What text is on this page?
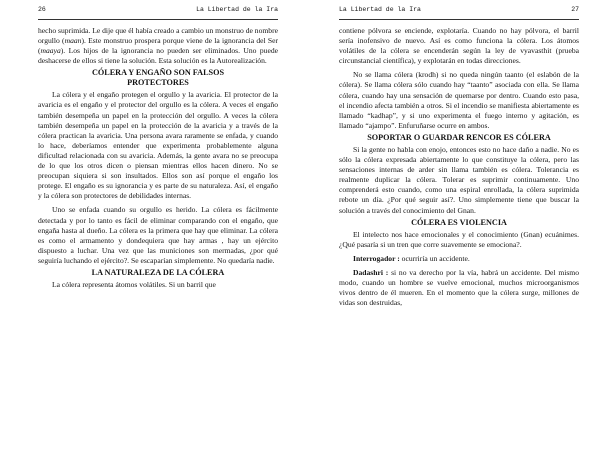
26	La Libertad de la Ira

hecho suprimida. Le dije que él había creado a cambio un monstruo de nombre orgullo (maan). Este monstruo prospera porque viene de la ignorancia del Ser (maaya). Los hijos de la ignorancia no pueden ser eliminados. Uno puede deshacerse de ellos si tiene la solución. Esta solución es la Autorealización.

CÓLERA Y ENGAÑO SON FALSOS PROTECTORES

La cólera y el engaño protegen el orgullo y la avaricia. El protector de la avaricia es el engaño y el protector del orgullo es la cólera. A veces el engaño también desempeña un papel en la protección del orgullo. A veces la cólera también desempeña un papel en la protección de la avaricia y a través de la cólera practican la avaricia. Una persona avara raramente se enfada, y cuando lo hace, deberíamos entender que experimenta probablemente alguna dificultad relacionada con su avaricia. Además, la gente avara no se preocupa de lo que los otros dicen o piensan mientras ellos hacen dinero. No se preocupan siquiera si son insultados. Ellos son así porque el engaño los protege. El engaño es su ignorancia y es parte de su naturaleza. Así, el engaño y la cólera son protectores de debilidades internas.

Uno se enfada cuando su orgullo es herido. La cólera es fácilmente detectada y por lo tanto es fácil de eliminar comparando con el engaño, que engaña hasta al dueño. La cólera es la primera que hay que eliminar. La cólera es como el armamento y dondequiera que hay armas , hay un ejército dispuesto a luchar. Una vez que las municiones son mermadas, ¿por qué seguiría luchando el ejército?. Se escaparían simplemente. No quedaría nadie.

LA NATURALEZA DE LA CÓLERA

La cólera representa átomos volátiles. Si un barril que

La Libertad de la Ira	27

contiene pólvora se enciende, explotaría. Cuando no hay pólvora, el barril sería inofensivo de nuevo. Así es como funciona la cólera. Los átomos volátiles de la cólera se encenderán según la ley de vyavasthit (prueba circunstancial científica), y explotarán en todas direcciones.

No se llama cólera (krodh) si no queda ningún taanto (el eslabón de la cólera). Se llama cólera sólo cuando hay “taanto” asociada con ella. Se llama cólera, cuando hay una sensación de quemarse por dentro. Cuando esto pasa, el incendio afecta también a otros. Si el incendio se manifiesta abiertamente es llamado “kadhap”, y si uno experimenta el fuego interno y agitación, es llamado “ajampo”. Enfuruñarse ocurre en ambos.

SOPORTAR O GUARDAR RENCOR ES CÓLERA

Si la gente no habla con enojo, entonces esto no hace daño a nadie. No es sólo la cólera expresada abiertamente lo que constituye la cólera, pero las sensaciones internas de arder sin llama también es cólera. Tolerancia es realmente duplicar la cólera. Tolerar es suprimir continuamente. Uno comprenderá esto cuando, como una espiral enrollada, la cólera suprimida rebote un día. ¿Por qué seguir así?. Uno simplemente tiene que buscar la solución a través del conocimiento del Gnan.

CÓLERA ES VIOLENCIA

El intelecto nos hace emocionales y el conocimiento (Gnan) ecuánimes. ¿Qué pasaría si un tren que corre suavemente se emociona?.

Interrogador : ocurriría un accidente.

Dadashri : si no va derecho por la vía, habrá un accidente. Del mismo modo, cuando un hombre se vuelve emocional, muchos microorganismos vivos dentro de él mueren. En el momento que la cólera surge, millones de vidas son destruidas,
